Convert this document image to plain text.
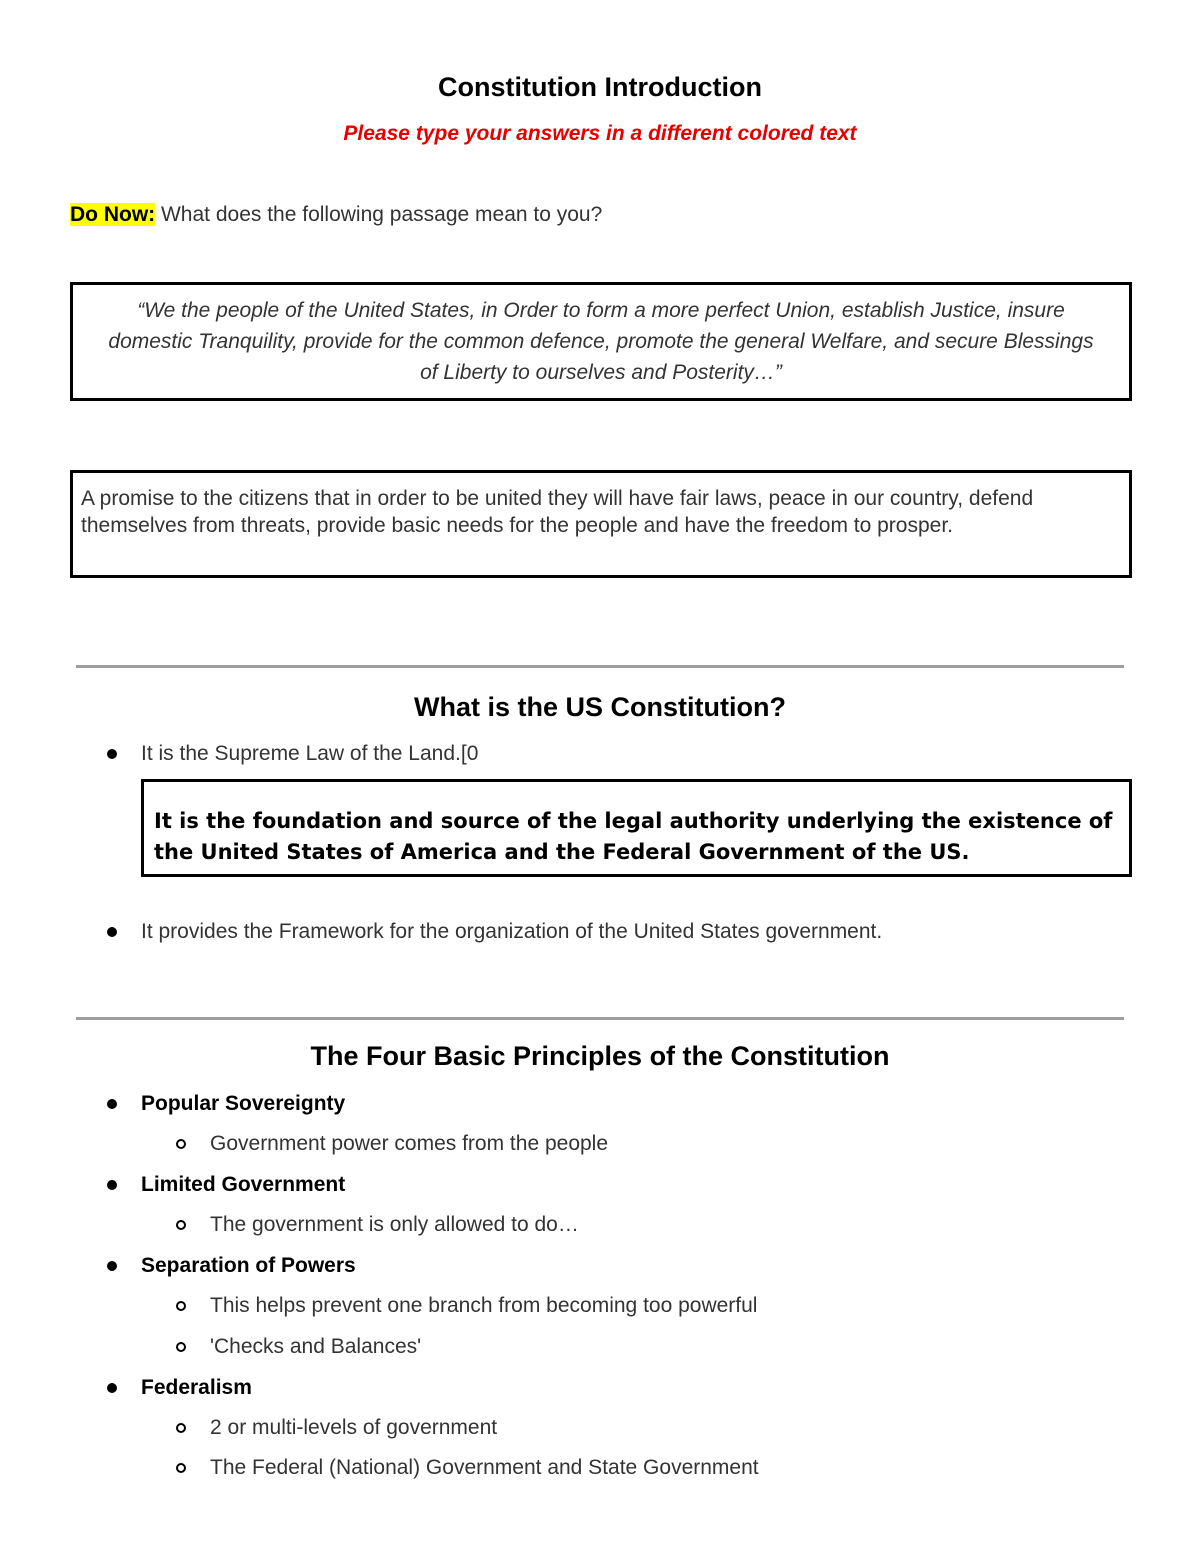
Constitution Introduction
Please type your answers in a different colored text
Do Now: What does the following passage mean to you?
“We the people of the United States, in Order to form a more perfect Union, establish Justice, insure domestic Tranquility, provide for the common defence, promote the general Welfare, and secure Blessings of Liberty to ourselves and Posterity…”
A promise to the citizens that in order to be united they will have fair laws, peace in our country, defend themselves from threats, provide basic needs for the people and have the freedom to prosper.
What is the US Constitution?
It is the Supreme Law of the Land.[0
It is the foundation and source of the legal authority underlying the existence of the United States of America and the Federal Government of the US.
It provides the Framework for the organization of the United States government.
The Four Basic Principles of the Constitution
Popular Sovereignty
Government power comes from the people
Limited Government
The government is only allowed to do…
Separation of Powers
This helps prevent one branch from becoming too powerful
'Checks and Balances'
Federalism
2 or multi-levels of government
The Federal (National) Government and State Government
